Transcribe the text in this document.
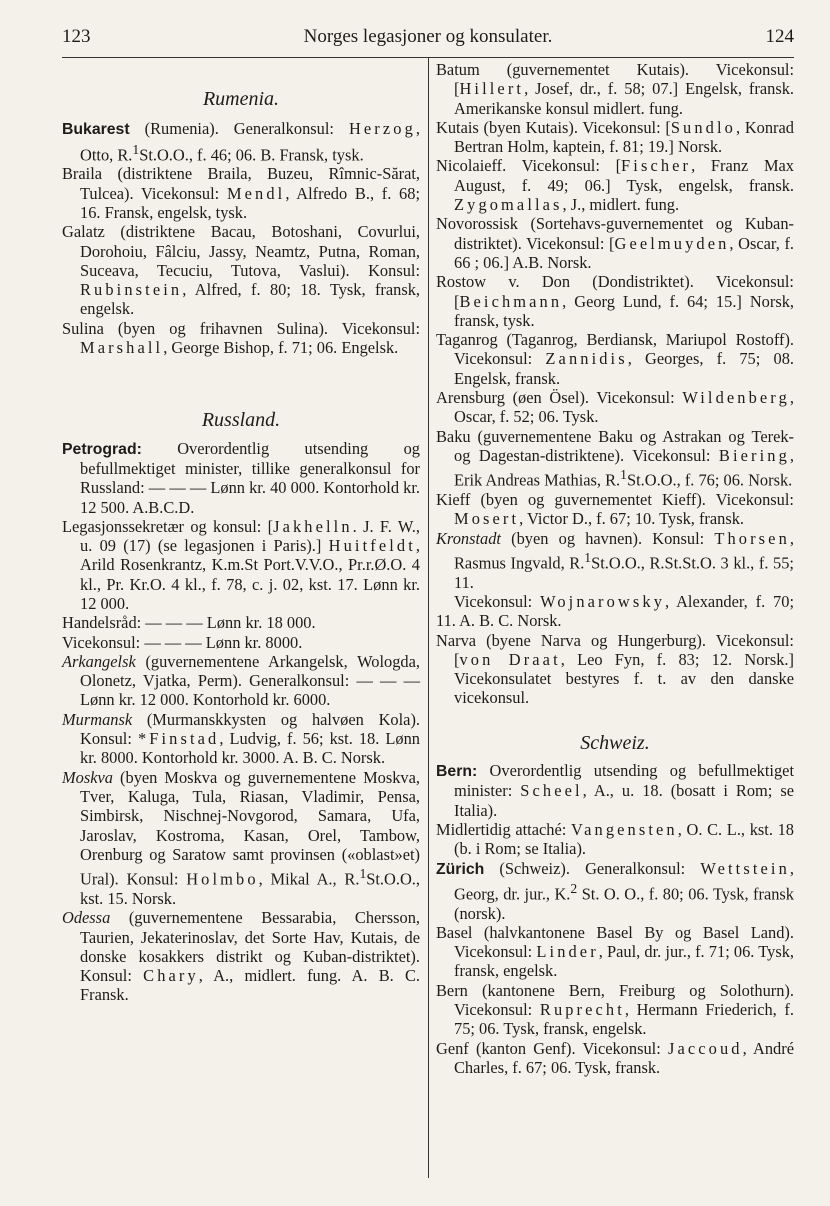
123	Norges legasjoner og konsulater.	124

Rumenia.

Bukarest (Rumenia). Generalkonsul: Herzog, Otto, R.$^1$St.O.O., f. 46; 06. B. Fransk, tysk.

Braila (distriktene Braila, Buzeu, Rîmnic-Sărat, Tulcea). Vicekonsul: Mendl, Alfredo B., f. 68; 16. Fransk, engelsk, tysk.

Galatz (distriktene Bacau, Botoshani, Covurlui, Dorohoiu, Fâlciu, Jassy, Neamtz, Putna, Roman, Suceava, Tecuciu, Tutova, Vaslui). Konsul: Rubinstein, Alfred, f. 80; 18. Tysk, fransk, engelsk.

Sulina (byen og frihavnen Sulina). Vicekonsul: Marshall, George Bishop, f. 71; 06. Engelsk.

Russland.

Petrograd: Overordentlig utsending og befullmektiget minister, tillike generalkonsul for Russland: — — — Lønn kr. 40 000. Kontorhold kr. 12 500. A.B.C.D.

Legasjonssekretær og konsul: [Jakhelln. J. F. W., u. 09 (17) (se legasjonen i Paris).] Huitfeldt, Arild Rosenkrantz, K.m.St Port.V.V.O., Pr.r.Ø.O. 4 kl., Pr. Kr.O. 4 kl., f. 78, c. j. 02, kst. 17. Lønn kr. 12 000.

Handelsråd: — — — Lønn kr. 18 000.

Vicekonsul: — — — Lønn kr. 8000.

Arkangelsk (guvernementene Arkangelsk, Wologda, Olonetz, Vjatka, Perm). Generalkonsul: — — — Lønn kr. 12 000. Kontorhold kr. 6000.

Murmansk (Murmanskkysten og halvøen Kola). Konsul: *Finstad, Ludvig, f. 56; kst. 18. Lønn kr. 8000. Kontorhold kr. 3000. A. B. C. Norsk.

Moskva (byen Moskva og guvernementene Moskva, Tver, Kaluga, Tula, Riasan, Vladimir, Pensa, Simbirsk, Nischnej-Novgorod, Samara, Ufa, Jaroslav, Kostroma, Kasan, Orel, Tambow, Orenburg og Saratow samt provinsen («oblast»et) Ural). Konsul: Holmbo, Mikal A., R.$^1$St.O.O., kst. 15. Norsk.

Odessa (guvernementene Bessarabia, Chersson, Taurien, Jekaterinoslav, det Sorte Hav, Kutais, de donske kosakkers distrikt og Kuban-distriktet). Konsul: Chary, A., midlert. fung. A. B. C. Fransk.

Batum (guvernementet Kutais). Vicekonsul: [Hillert, Josef, dr., f. 58; 07.] Engelsk, fransk. Amerikanske konsul midlert. fung.

Kutais (byen Kutais). Vicekonsul: [Sundlo, Konrad Bertran Holm, kaptein, f. 81; 19.] Norsk.

Nicolaieff. Vicekonsul: [Fischer, Franz Max August, f. 49; 06.] Tysk, engelsk, fransk. Zygomallas, J., midlert. fung.

Novorossisk (Sortehavs-guvernementet og Kuban-distriktet). Vicekonsul: [Geelmuyden, Oscar, f. 66 ; 06.] A.B. Norsk.

Rostow v. Don (Dondistriktet). Vicekonsul: [Beichmann, Georg Lund, f. 64; 15.] Norsk, fransk, tysk.

Taganrog (Taganrog, Berdiansk, Mariupol Rostoff). Vicekonsul: Zannidis, Georges, f. 75; 08. Engelsk, fransk.

Arensburg (øen Ösel). Vicekonsul: Wildenberg, Oscar, f. 52; 06. Tysk.

Baku (guvernementene Baku og Astrakan og Terek- og Dagestan-distriktene). Vicekonsul: Biering, Erik Andreas Mathias, R.$^1$St.O.O., f. 76; 06. Norsk.

Kieff (byen og guvernementet Kieff). Vicekonsul: Mosert, Victor D., f. 67; 10. Tysk, fransk.

Kronstadt (byen og havnen). Konsul: Thorsen, Rasmus Ingvald, R.$^1$St.O.O., R.St.St.O. 3 kl., f. 55; 11.

Vicekonsul: Wojnarowsky, Alexander, f. 70; 11. A. B. C. Norsk.

Narva (byene Narva og Hungerburg). Vicekonsul: [von Draat, Leo Fyn, f. 83; 12. Norsk.] Vicekonsulatet bestyres f. t. av den danske vicekonsul.

Schweiz.

Bern: Overordentlig utsending og befullmektiget minister: Scheel, A., u. 18. (bosatt i Rom; se Italia).

Midlertidig attaché: Vangensten, O. C. L., kst. 18 (b. i Rom; se Italia).

Zürich (Schweiz). Generalkonsul: Wettstein, Georg, dr. jur., K.$^2$ St. O. O., f. 80; 06. Tysk, fransk (norsk).

Basel (halvkantonene Basel By og Basel Land). Vicekonsul: Linder, Paul, dr. jur., f. 71; 06. Tysk, fransk, engelsk.

Bern (kantonene Bern, Freiburg og Solothurn). Vicekonsul: Ruprecht, Hermann Friederich, f. 75; 06. Tysk, fransk, engelsk.

Genf (kanton Genf). Vicekonsul: Jaccoud, André Charles, f. 67; 06. Tysk, fransk.
